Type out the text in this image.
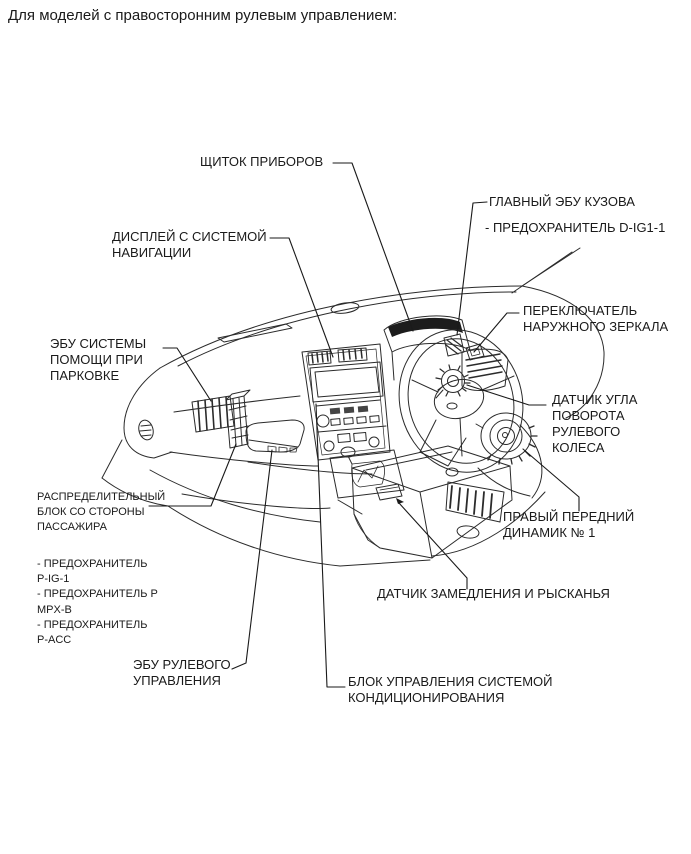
Для моделей с правосторонним рулевым управлением:
ЩИТОК ПРИБОРОВ
ГЛАВНЫЙ ЭБУ КУЗОВА
- ПРЕДОХРАНИТЕЛЬ D-IG1-1
ДИСПЛЕЙ С СИСТЕМОЙ
НАВИГАЦИИ
ПЕРЕКЛЮЧАТЕЛЬ
НАРУЖНОГО ЗЕРКАЛА
ЭБУ СИСТЕМЫ
ПОМОЩИ ПРИ
ПАРКОВКЕ
ДАТЧИК УГЛА
ПОВОРОТА
РУЛЕВОГО
КОЛЕСА
РАСПРЕДЕЛИТЕЛЬНЫЙ
БЛОК СО СТОРОНЫ
ПАССАЖИРА
- ПРЕДОХРАНИТЕЛЬ
P-IG-1
- ПРЕДОХРАНИТЕЛЬ P
MPX-B
- ПРЕДОХРАНИТЕЛЬ
P-ACC
ЭБУ РУЛЕВОГО
УПРАВЛЕНИЯ	БЛОК УПРАВЛЕНИЯ СИСТЕМОЙ
КОНДИЦИОНИРОВАНИЯ
ДАТЧИК ЗАМЕДЛЕНИЯ И РЫСКАНЬЯ
ПРАВЫЙ ПЕРЕДНИЙ
ДИНАМИК № 1
